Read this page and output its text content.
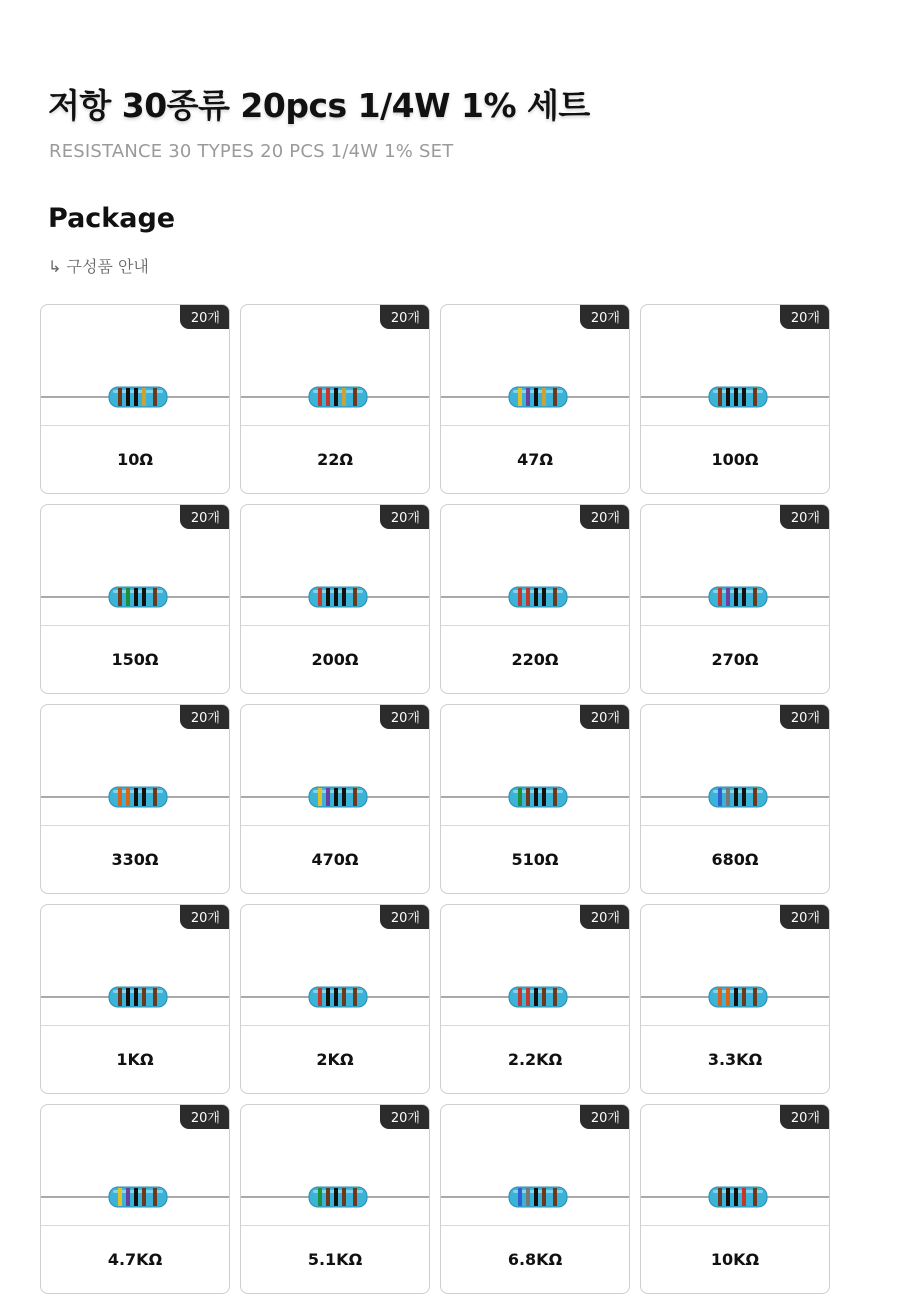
저항 30종류 20pcs 1/4W 1% 세트

RESISTANCE 30 TYPES 20 PCS 1/4W 1% SET

Package

↳ 구성품 안내

20개
10Ω
20개
22Ω
20개
47Ω
20개
100Ω
20개
150Ω
20개
200Ω
20개
220Ω
20개
270Ω
20개
330Ω
20개
470Ω
20개
510Ω
20개
680Ω
20개
1KΩ
20개
2KΩ
20개
2.2KΩ
20개
3.3KΩ
20개
4.7KΩ
20개
5.1KΩ
20개
6.8KΩ
20개
10KΩ
